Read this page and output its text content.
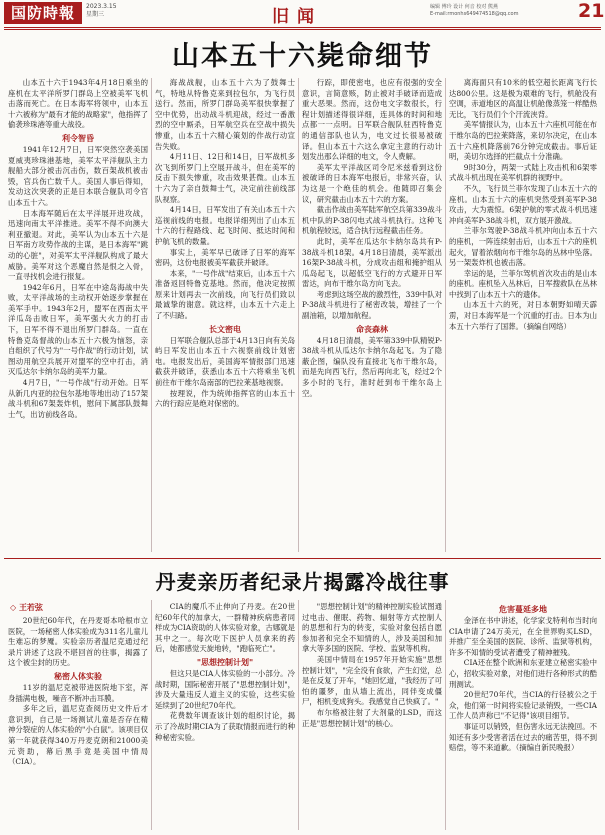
国防時報	2023.3.15
星期三	旧闻	编辑 傅玲 设计 何音 校对 熊燕
E-mail:rmonhs649474518@qq.com	21
山本五十六毙命细节

山本五十六于1943年4月18日乘坐的座机在太平洋所罗门群岛上空被美军飞机击落而死亡。在日本海军将领中，山本五十六被称为"最有才能的战略家"，他指挥了偷袭珍珠港等重大战役。

利令智昏

1941年12月7日，日军突然空袭美国夏威夷珍珠港基地，美军太平洋舰队主力舰船大部分被击沉击伤，数百架战机被击毁，官兵伤亡数千人。美国人事后得知，发动这次突袭的正是日本联合舰队司令官山本五十六。

日本海军随后在太平洋展开进攻战，迅速向南太平洋推进。美军不得不向澳大利亚撤退。对此，美军认为山本五十六是日军南方攻势作战的主谋，是日本海军"跳动的心脏"，对美军太平洋舰队构成了最大威胁。美军对这个恶魔自然是恨之入骨，一直寻找机会进行报复。

1942年6月，日军在中途岛海战中失败，太平洋战场的主动权开始逐步掌握在美军手中。1943年2月，盟军在西南太平洋瓜岛击败日军，美军强大火力的打击下，日军不得不退出所罗门群岛。一直在特鲁克岛督战的山本五十六极为恼怒，亲自组织了代号为"一号作战"的行动计划，试图动用航空兵展开对盟军的空中打击，消灭瓜达尔卡纳尔岛的美军力量。

4月7日，"一号作战"行动开始。日军从新几内亚的拉包尔基地等地出动了157架战斗机和67架轰炸机，慰问下属部队鼓舞士气，出访前线各岛。

海战战舰，山本五十六为了鼓舞士气，特地从特鲁克来到拉包尔，为飞行员送行。然而，所罗门群岛美军很快掌握了空中优势，出动战斗机迎战，经过一番激烈的空中厮杀，日军航空兵在空战中损失惨重，山本五十六精心策划的作战行动宣告失败。

4月11日、12日和14日，日军战机多次飞到所罗门上空展开战斗，但在美军的反击下损失惨重，攻击效果甚微。山本五十六为了亲自鼓舞士气，决定前往前线部队视察。

4月14日，日军发出了有关山本五十六巡视前线的电报。电报详细列出了山本五十六的行程路线、起飞时间、抵达时间和护航飞机的数量。

事实上，美军早已破译了日军的海军密码，这份电报被美军截获并破译。

本来，"一号作战"结束后，山本五十六准备返回特鲁克基地。然而，他决定按照原来计划再去一次前线，向飞行员们致以最诚挚的谢意。就这样，山本五十六走上了不归路。

长文密电

日军联合舰队总部于4月13日向有关岛屿日军发出山本五十六视察前线计划密电。电报发出后，美国海军情报部门迅速截获并破译，获悉山本五十六将乘坐飞机前往布干维尔岛南部的巴拉莱基地视察。

按理说，作为统帅指挥官的山本五十六的行踪应是绝对保密的。

行踪，即使密电，也应有很强的安全意识，言简意赅，防止被对手破译而造成重大恶果。然而，这份电文字数很长，行程计划描述得很详细，连具体的时间和地点都一一点明。日军联合舰队驻西特鲁克的通信部队也认为，电文过长很易被破译。但山本五十六这么拿定主意的行动计划发出那么详细的电文，令人费解。

美军太平洋战区司令尼米兹看到这份被破译的日本海军电报后，非常兴奋，认为这是一个绝佳的机会。他随即召集会议，研究截击山本五十六的方案。

截击作战由美军陆军航空兵第339战斗机中队的P-38闪电式战斗机执行。这种飞机航程较远，适合执行远程截击任务。

此时，美军在瓜达尔卡纳尔岛共有P-38战斗机18架。4月18日清晨，美军派出16架P-38战斗机，分成攻击组和掩护组从瓜岛起飞，以超低空飞行的方式避开日军雷达，向布干维尔岛方向飞去。

考虑到这场空战的激烈性，339中队对P-38战斗机进行了秘密改装，增挂了一个副油箱，以增加航程。

命丧森林

4月18日清晨，美军第339中队精锐P-38战斗机从瓜达尔卡纳尔岛起飞。为了隐蔽企图，编队没有直接北飞布干维尔岛，而是先向西飞行，然后再向北飞，经过2个多小时的飞行，准时赶到布干维尔岛上空。

离海面只有10米的低空超长距离飞行长达800公里。这是极为艰难的飞行，机舱没有空调，赤道地区的高温让机舱像蒸笼一样酷热无比，飞行员们个个汗流浃背。

美军情报认为，山本五十六座机可能在布干维尔岛的巴拉莱降落，来切尔决定，在山本五十六座机降落前76分钟完成截击。事后证明，美切尔选择的拦截点十分准确。

9时30分，两架一式陆上攻击机和6架零式战斗机出现在美军机群的视野中。

不久，飞行员兰菲尔发现了山本五十六的座机。山本五十六的座机突然受到美军P-38攻击，大为震惊。6架护航的零式战斗机迅速冲向美军P-38战斗机，双方展开激战。

兰菲尔驾驶P-38战斗机冲向山本五十六的座机，一阵连续射击后，山本五十六的座机起火，冒着浓烟向布干维尔岛的丛林中坠落。另一架轰炸机也被击落。

幸运的是，兰菲尔驾机首次攻击的是山本的座机。座机坠入丛林后，日军搜救队在丛林中找到了山本五十六的遗体。

山本五十六的死，对日本朝野如晴天霹雳，对日本海军是一个沉重的打击。日本为山本五十六举行了国葬。（摘编自网络）

丹麦亲历者纪录片揭露冷战往事
◇ 王若弦

20世纪60年代，在丹麦哥本哈根市立医院，一场秘密人体实验成为311名儿童儿生难忘的梦魇。实验亲历者温尼克通过纪录片讲述了这段不堪回首的往事，揭露了这个被尘封的历史。

秘密人体实验

11岁的温尼克被带进医院地下室，浑身插满电极，噪音不断冲击耳膜。

多年之后，温尼克查阅历史文件后才意识到，自己是一场测试儿童是否存在精神分裂症的人体实验的"小白鼠"。该项目仅第一年就获得340万丹麦克朗和21000美元资助，幕后黑手竟是美国中情局（CIA）。

CIA的魔爪不止伸向了丹麦。在20世纪60年代的加拿大，一群精神疾病患者同样成为CIA资助的人体实验对象，古娜就是其中之一。每次吃下医护人员拿来的药后，她都感觉天旋地转，"跑临死亡"。

"思想控制计划"

但这只是CIA人体实验的一小部分。冷战时期，国际秘密开展了"思想控制计划"，涉及大量违反人道主义的实验，这些实验延续到了20世纪70年代。

花费数年调查该计划的组织讨论，揭示了冷战时期CIA为了获取情报而进行的种种秘密实验。

"思想控制计划"的精神控制实验试图通过电击、催眠、药物、辐射等方式控制人的思想和行为的转变，实验对象包括自愿参加者和完全不知情的人，涉及美国和加拿大等多国的医院、学校、监狱等机构。

美国中情局在1957年开始实施"思想控制计划"，"完全没有食欲，产生幻觉，总是在反复了开车，"她回忆道，"我经历了可怕的噩梦，血从墙上流出，同伴变成僵尸，相机变成狗头。我感觉自己快疯了。"

布尔格被注射了大剂量的LSD，而这正是"思想控制计划"的核心。

危害蔓延多地

金泽在书中讲述，化学家戈特利布当时向CIA申请了24万美元，在全世界购买LSD，并推广至全美国的医院、诊所、监狱等机构，许多不知情的受试者遭受了精神摧残。

CIA还在整个欧洲和东亚建立秘密实验中心，招收实验对象，对他们进行各种形式的酷刑测试。

20世纪70年代，当CIA的行径被公之于众，他们第一时间将实验记录销毁，一些CIA工作人员声称已"不记得"该项目细节。

事证可以销毁，但伤害永远无法挽回。不知还有多少受害者活在过去的痛苦里，得不到赔偿，等不来道歉。（摘编自新民晚报）
